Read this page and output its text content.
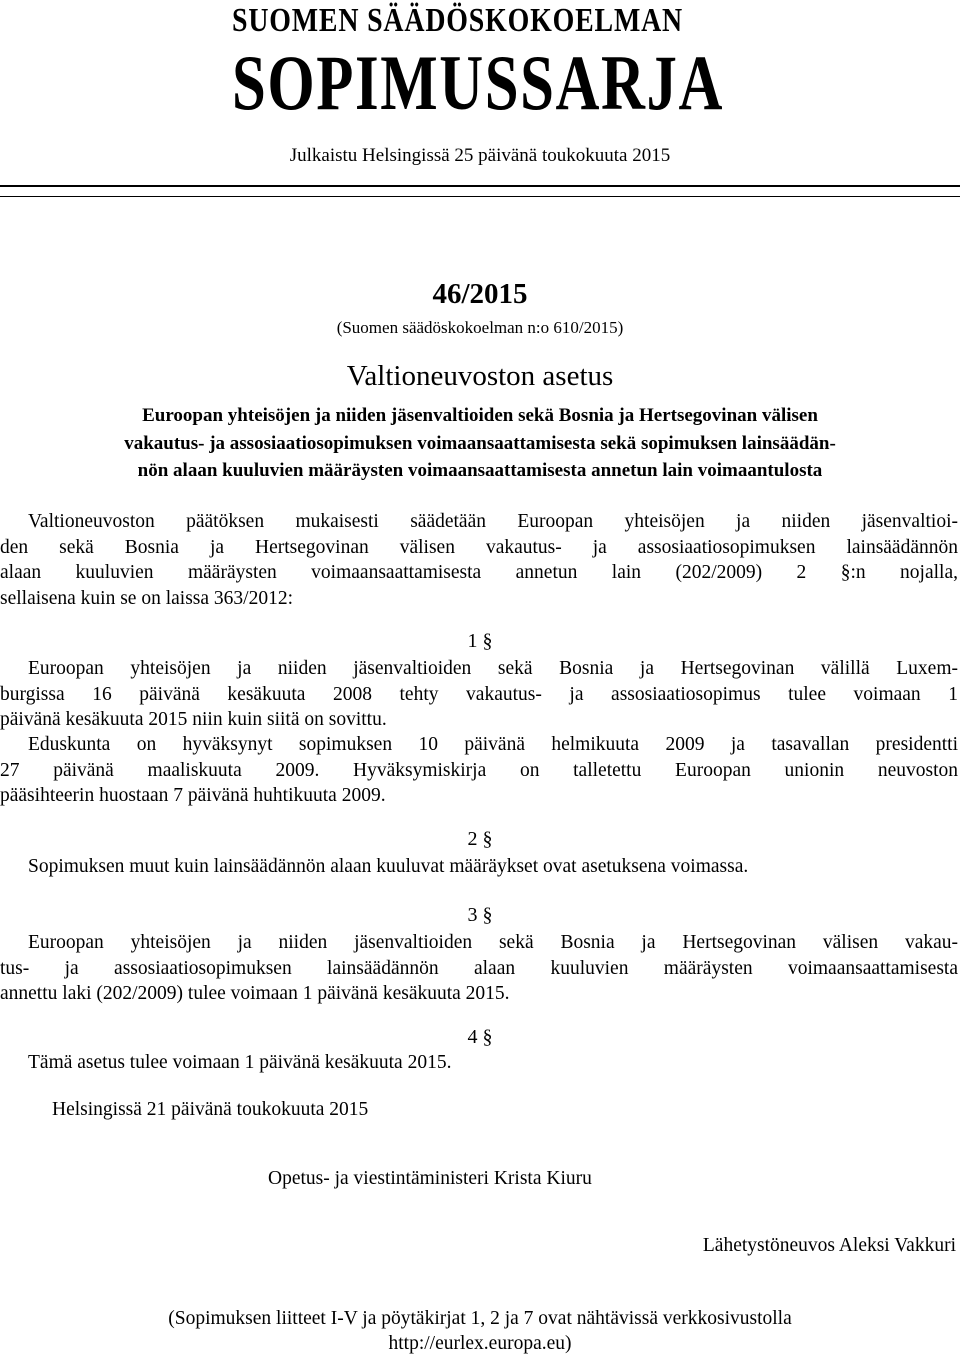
SUOMEN SÄÄDÖSKOKOELMAN
SOPIMUSSARJA
Julkaistu Helsingissä 25 päivänä toukokuuta 2015
46/2015
(Suomen säädöskokoelman n:o 610/2015)
Valtioneuvoston asetus
Euroopan yhteisöjen ja niiden jäsenvaltioiden sekä Bosnia ja Hertsegovinan välisen
vakautus- ja assosiaatiosopimuksen voimaansaattamisesta sekä sopimuksen lainsäädän-
nön alaan kuuluvien määräysten voimaansaattamisesta annetun lain voimaantulosta
Valtioneuvoston päätöksen mukaisesti säädetään Euroopan yhteisöjen ja niiden jäsenvaltioi-
den sekä Bosnia ja Hertsegovinan välisen vakautus- ja assosiaatiosopimuksen lainsäädännön
alaan kuuluvien määräysten voimaansaattamisesta annetun lain (202/2009) 2 §:n nojalla,
sellaisena kuin se on laissa 363/2012:
1 §
Euroopan yhteisöjen ja niiden jäsenvaltioiden sekä Bosnia ja Hertsegovinan välillä Luxem-
burgissa 16 päivänä kesäkuuta 2008 tehty vakautus- ja assosiaatiosopimus tulee voimaan 1
päivänä kesäkuuta 2015 niin kuin siitä on sovittu.
Eduskunta on hyväksynyt sopimuksen 10 päivänä helmikuuta 2009 ja tasavallan presidentti
27 päivänä maaliskuuta 2009. Hyväksymiskirja on talletettu Euroopan unionin neuvoston
pääsihteerin huostaan 7 päivänä huhtikuuta 2009.
2 §
Sopimuksen muut kuin lainsäädännön alaan kuuluvat määräykset ovat asetuksena voimassa.
3 §
Euroopan yhteisöjen ja niiden jäsenvaltioiden sekä Bosnia ja Hertsegovinan välisen vakau-
tus- ja assosiaatiosopimuksen lainsäädännön alaan kuuluvien määräysten voimaansaattamisesta
annettu laki (202/2009) tulee voimaan 1 päivänä kesäkuuta 2015.
4 §
Tämä asetus tulee voimaan 1 päivänä kesäkuuta 2015.
Helsingissä 21 päivänä toukokuuta 2015
Opetus- ja viestintäministeri Krista Kiuru
Lähetystöneuvos Aleksi Vakkuri
(Sopimuksen liitteet I-V ja pöytäkirjat 1, 2 ja 7 ovat nähtävissä verkkosivustolla
http://eurlex.europa.eu)
